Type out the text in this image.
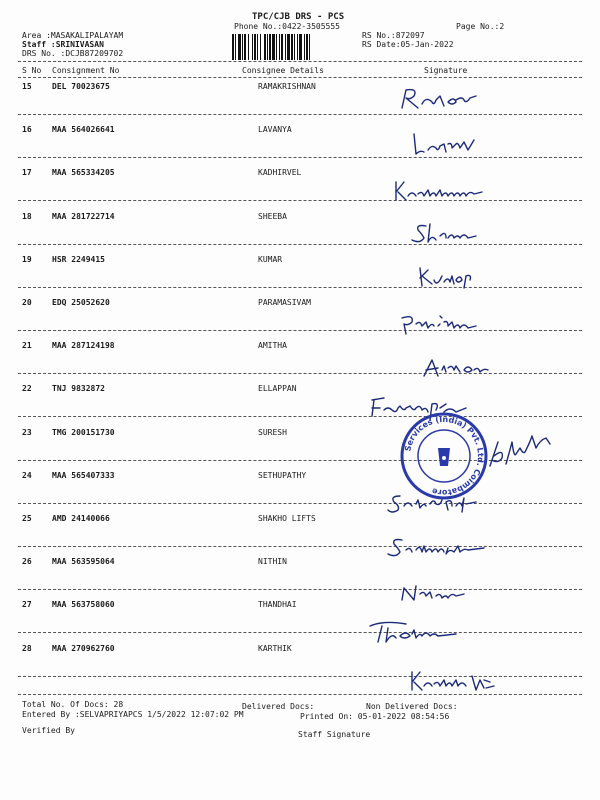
TPC/CJB DRS - PCS
Phone No.:0422-3505555	Page No.:2
Area :MASAKALIPALAYAM
Staff :SRINIVASAN
DRS No. :DCJB87209702
RS No.:872097
RS Date:05-Jan-2022
S No Consignment No	Consignee Details	Signature
15	DEL 70023675	RAMAKRISHNAN
16	MAA 564026641	LAVANYA
17	MAA 565334205	KADHIRVEL
18	MAA 281722714	SHEEBA
19	HSR 2249415	KUMAR
20	EDQ 25052620	PARAMASIVAM
21	MAA 287124198	AMITHA
22	TNJ 9832872	ELLAPPAN
23	TMG 200151730	SURESH
24	MAA 565407333	SETHUPATHY
25	AMD 24140066	SHAKHO LIFTS
26	MAA 563595064	NITHIN
27	MAA 563758060	THANDHAI
28	MAA 270962760	KARTHIK
Services (India) Pvt. Ltd. Coimbatore
Total No. Of Docs: 28	Delivered Docs:	Non Delivered Docs:
Entered By :SELVAPRIYAPCS 1/5/2022 12:07:02 PM	Printed On: 05-01-2022 08:54:56
Verified By	Staff Signature
